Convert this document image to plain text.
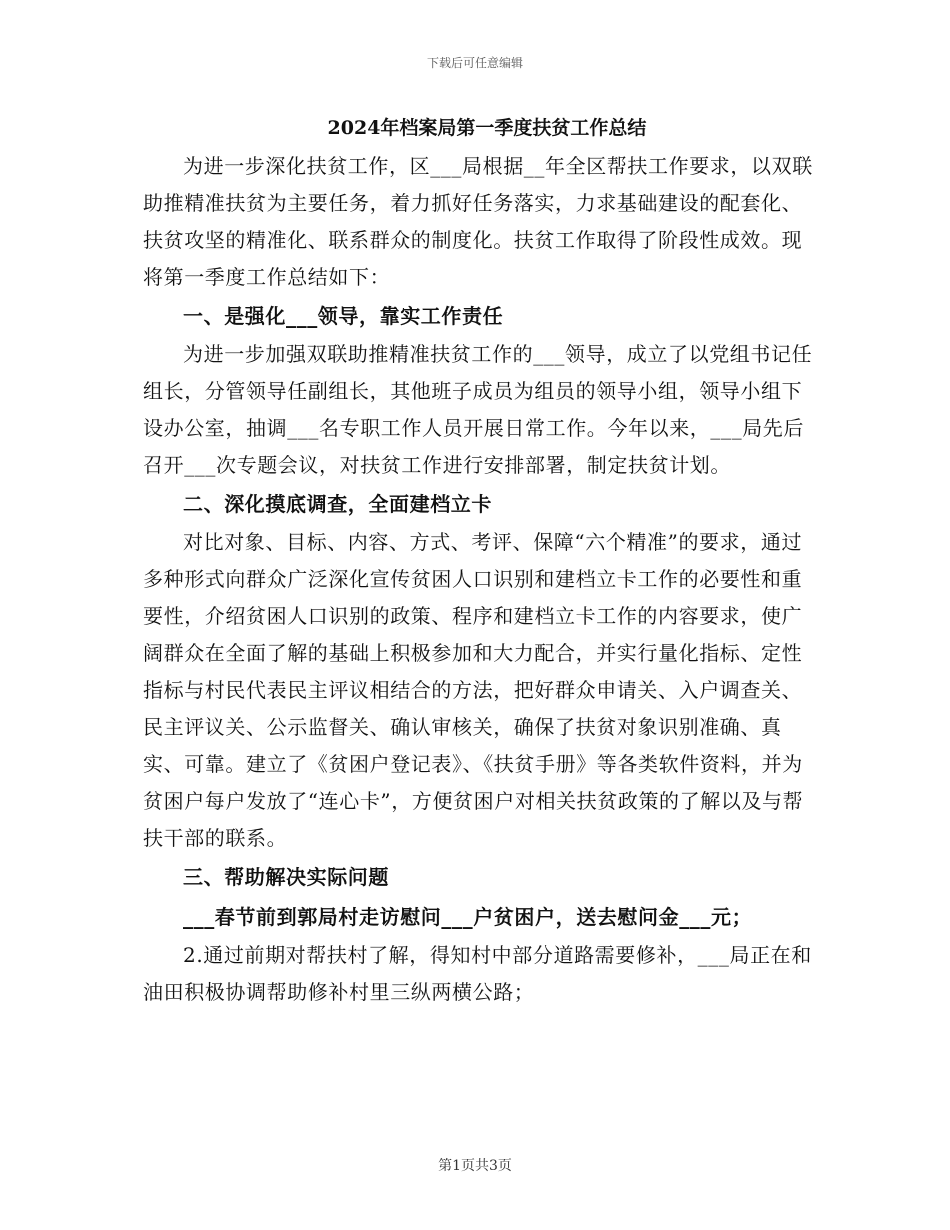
下载后可任意编辑
2024年档案局第一季度扶贫工作总结

为进一步深化扶贫工作，区___局根据__年全区帮扶工作要求，以双联助推精准扶贫为主要任务，着力抓好任务落实，力求基础建设的配套化、扶贫攻坚的精准化、联系群众的制度化。扶贫工作取得了阶段性成效。现将第一季度工作总结如下：

一、是强化___领导，靠实工作责任

为进一步加强双联助推精准扶贫工作的___领导，成立了以党组书记任组长，分管领导任副组长，其他班子成员为组员的领导小组，领导小组下设办公室，抽调___名专职工作人员开展日常工作。今年以来，___局先后召开___次专题会议，对扶贫工作进行安排部署，制定扶贫计划。

二、深化摸底调查，全面建档立卡

对比对象、目标、内容、方式、考评、保障“六个精准”的要求，通过多种形式向群众广泛深化宣传贫困人口识别和建档立卡工作的必要性和重要性，介绍贫困人口识别的政策、程序和建档立卡工作的内容要求，使广阔群众在全面了解的基础上积极参加和大力配合，并实行量化指标、定性指标与村民代表民主评议相结合的方法，把好群众申请关、入户调查关、民主评议关、公示监督关、确认审核关，确保了扶贫对象识别准确、真实、可靠。建立了《贫困户登记表》、《扶贫手册》等各类软件资料，并为贫困户每户发放了“连心卡”，方便贫困户对相关扶贫政策的了解以及与帮扶干部的联系。

三、帮助解决实际问题

___春节前到郭局村走访慰问___户贫困户，送去慰问金___元；

2.通过前期对帮扶村了解，得知村中部分道路需要修补，___局正在和油田积极协调帮助修补村里三纵两横公路；

第1页共3页
